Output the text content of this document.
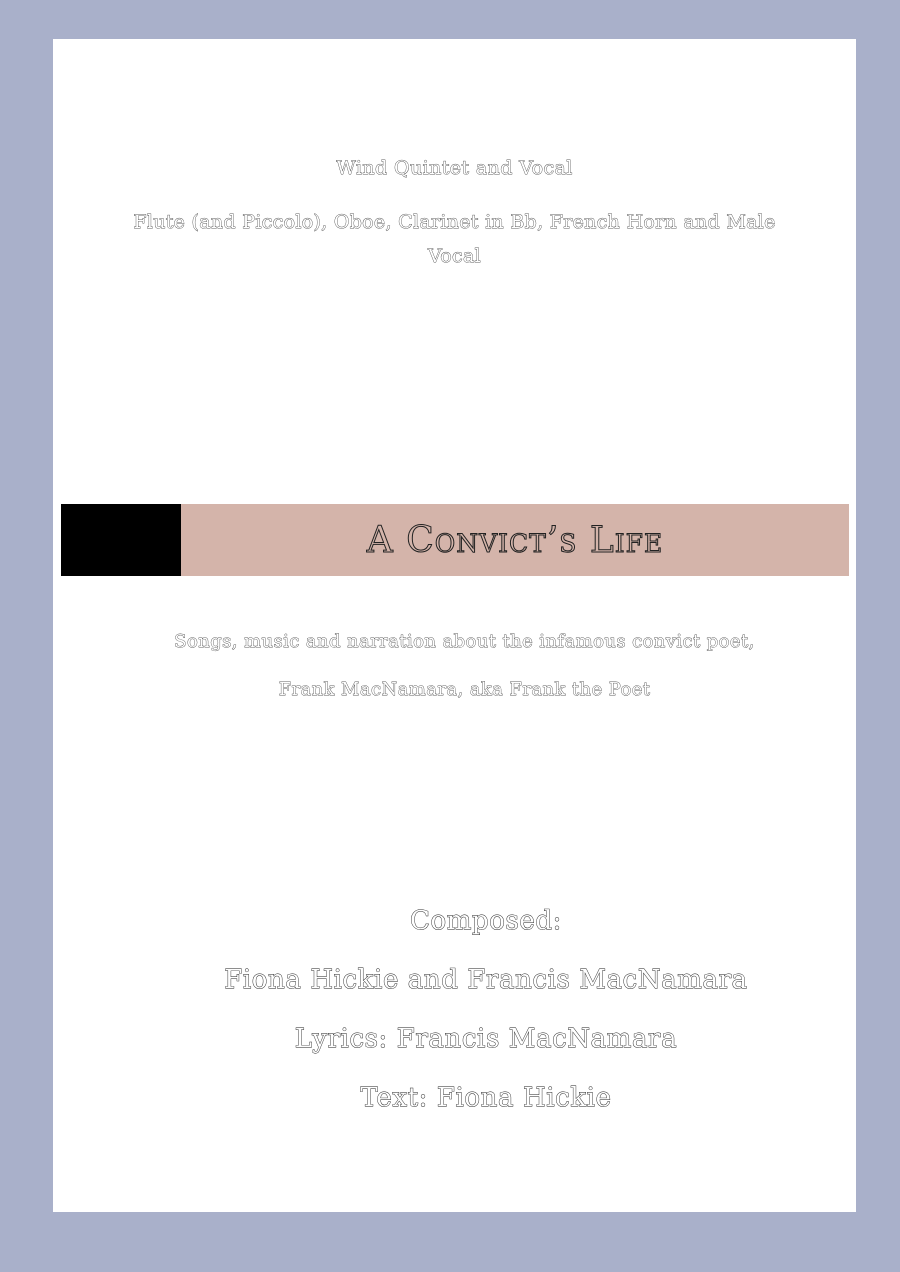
Wind Quintet and Vocal
Flute (and Piccolo), Oboe, Clarinet in Bb, French Horn and Male Vocal
A Convict’s Life
Songs, music and narration about the infamous convict poet,
Frank MacNamara, aka Frank the Poet
Composed:
Fiona Hickie and Francis MacNamara
Lyrics: Francis MacNamara
Text: Fiona Hickie
